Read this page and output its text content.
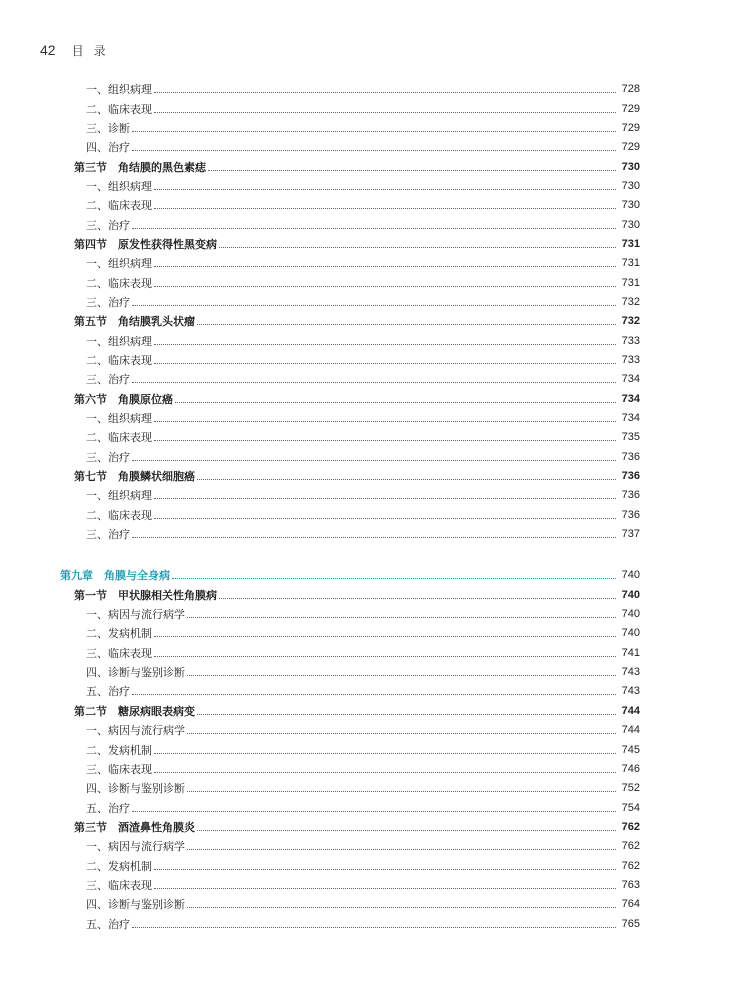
42 目录
一、组织病理	728
二、临床表现	729
三、诊断	729
四、治疗	729
第三节　角结膜的黑色素痣	730
一、组织病理	730
二、临床表现	730
三、治疗	730
第四节　原发性获得性黑变病	731
一、组织病理	731
二、临床表现	731
三、治疗	732
第五节　角结膜乳头状瘤	732
一、组织病理	733
二、临床表现	733
三、治疗	734
第六节　角膜原位癌	734
一、组织病理	734
二、临床表现	735
三、治疗	736
第七节　角膜鳞状细胞癌	736
一、组织病理	736
二、临床表现	736
三、治疗	737
第九章　角膜与全身病	740
第一节　甲状腺相关性角膜病	740
一、病因与流行病学	740
二、发病机制	740
三、临床表现	741
四、诊断与鉴别诊断	743
五、治疗	743
第二节　糖尿病眼表病变	744
一、病因与流行病学	744
二、发病机制	745
三、临床表现	746
四、诊断与鉴别诊断	752
五、治疗	754
第三节　酒渣鼻性角膜炎	762
一、病因与流行病学	762
二、发病机制	762
三、临床表现	763
四、诊断与鉴别诊断	764
五、治疗	765
